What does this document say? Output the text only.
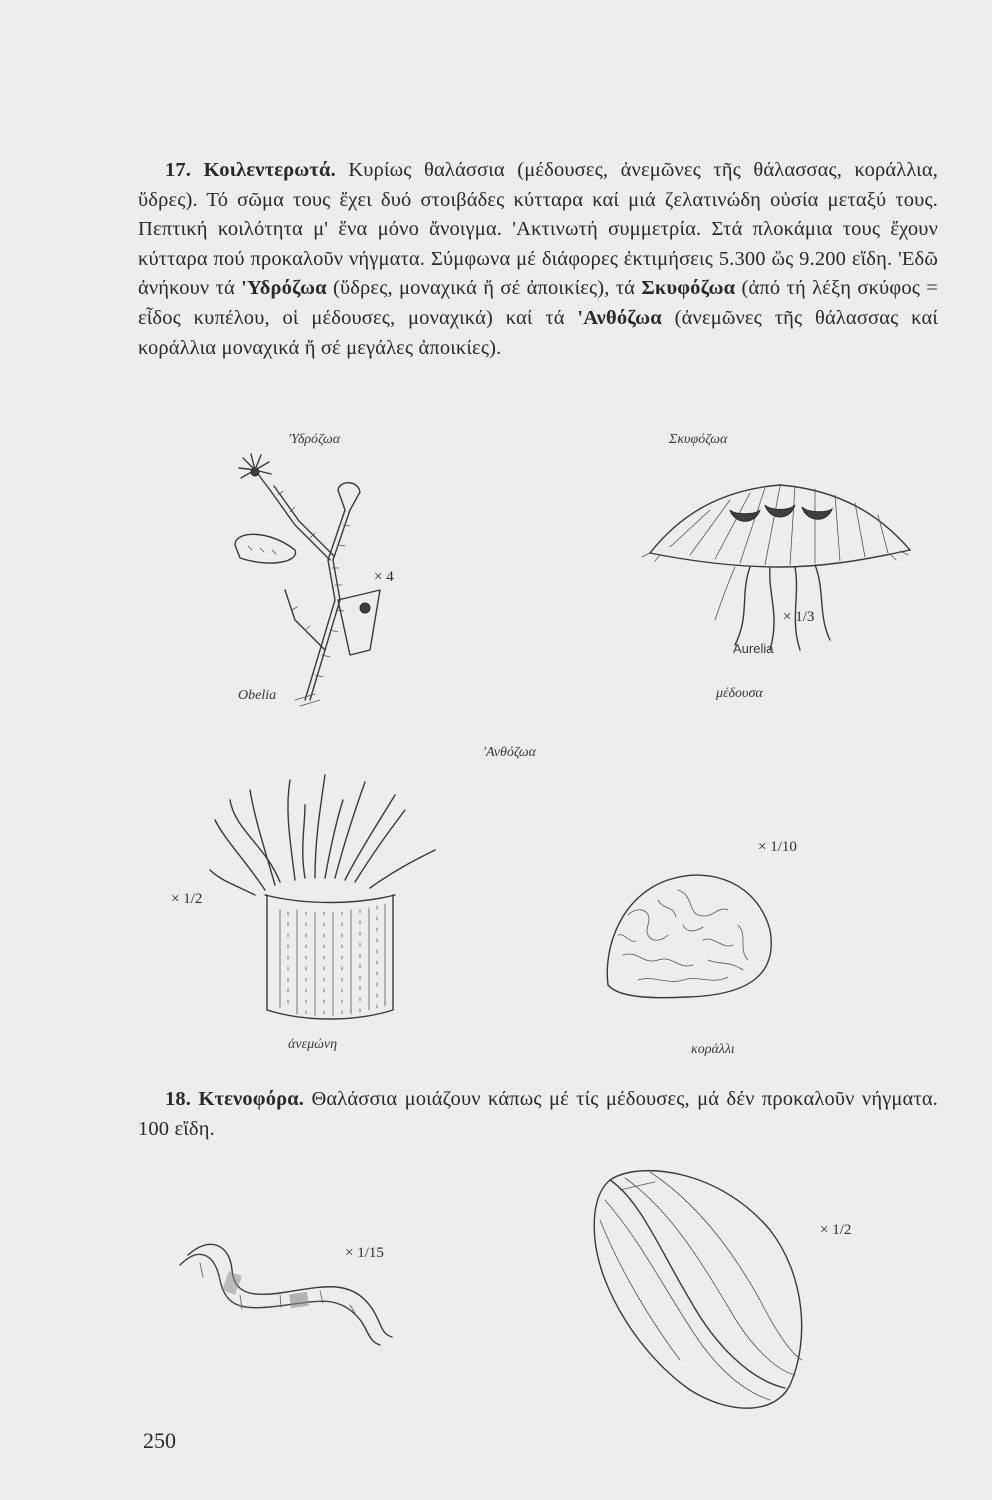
17. Κοιλεντερωτά. Κυρίως θαλάσσια (μέδουσες, ἀνεμῶνες τῆς θάλασσας, κοράλλια, ὕδρες). Τό σῶμα τους ἔχει δυό στοιβάδες κύτταρα καί μιά ζελατινώδη οὐσία μεταξύ τους. Πεπτική κοιλότητα μ' ἕνα μόνο ἄνοιγμα. 'Ακτινωτή συμμετρία. Στά πλοκάμια τους ἔχουν κύτταρα πού προκαλοῦν νήγματα. Σύμφωνα μέ διάφορες ἐκτιμήσεις 5.300 ὥς 9.200 εἴδη. 'Εδῶ ἀνήκουν τά 'Υδρόζωα (ὕδρες, μοναχικά ἤ σέ ἀποικίες), τά Σκυφόζωα (ἀπό τή λέξη σκύφος = εἶδος κυπέλου, οἱ μέδουσες, μοναχικά) καί τά 'Ανθόζωα (ἀνεμῶνες τῆς θάλασσας καί κοράλλια μοναχικά ἤ σέ μεγάλες ἀποικίες).

'Υδρόζωα
× 4
Obelia
Σκυφόζωα
× 1/3
Aurelia
μέδουσα
'Ανθόζωα
× 1/2
ἀνεμώνη
× 1/10
κοράλλι

18. Κτενοφόρα. Θαλάσσια μοιάζουν κάπως μέ τίς μέδουσες, μά δέν προκαλοῦν νήγματα. 100 εἴδη.

× 1/15
× 1/2
250
